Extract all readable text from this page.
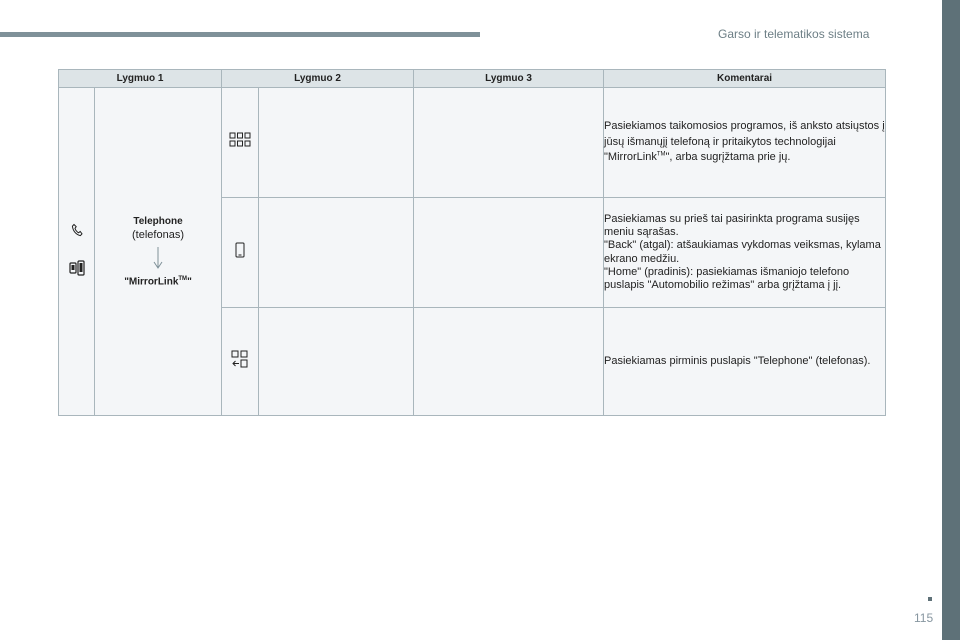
Garso ir telematikos sistema
Lygmuo 1		Lygmuo 2		Lygmuo 3	Komentarai

Telephone
(telefonas)
"MirrorLink™"				Pasiekiamos taikomosios programos, iš anksto atsiųstos į jūsų išmanųjį telefoną ir pritaikytos technologijai "MirrorLink™", arba sugrįžtama prie jų.
			Pasiekiamas su prieš tai pasirinkta programa susijęs meniu sąrašas.
"Back" (atgal): atšaukiamas vykdomas veiksmas, kylama ekrano medžiu.
"Home" (pradinis): pasiekiamas išmaniojo telefono puslapis "Automobilio režimas" arba grįžtama į jį.
			Pasiekiamas pirminis puslapis "Telephone" (telefonas).
115
